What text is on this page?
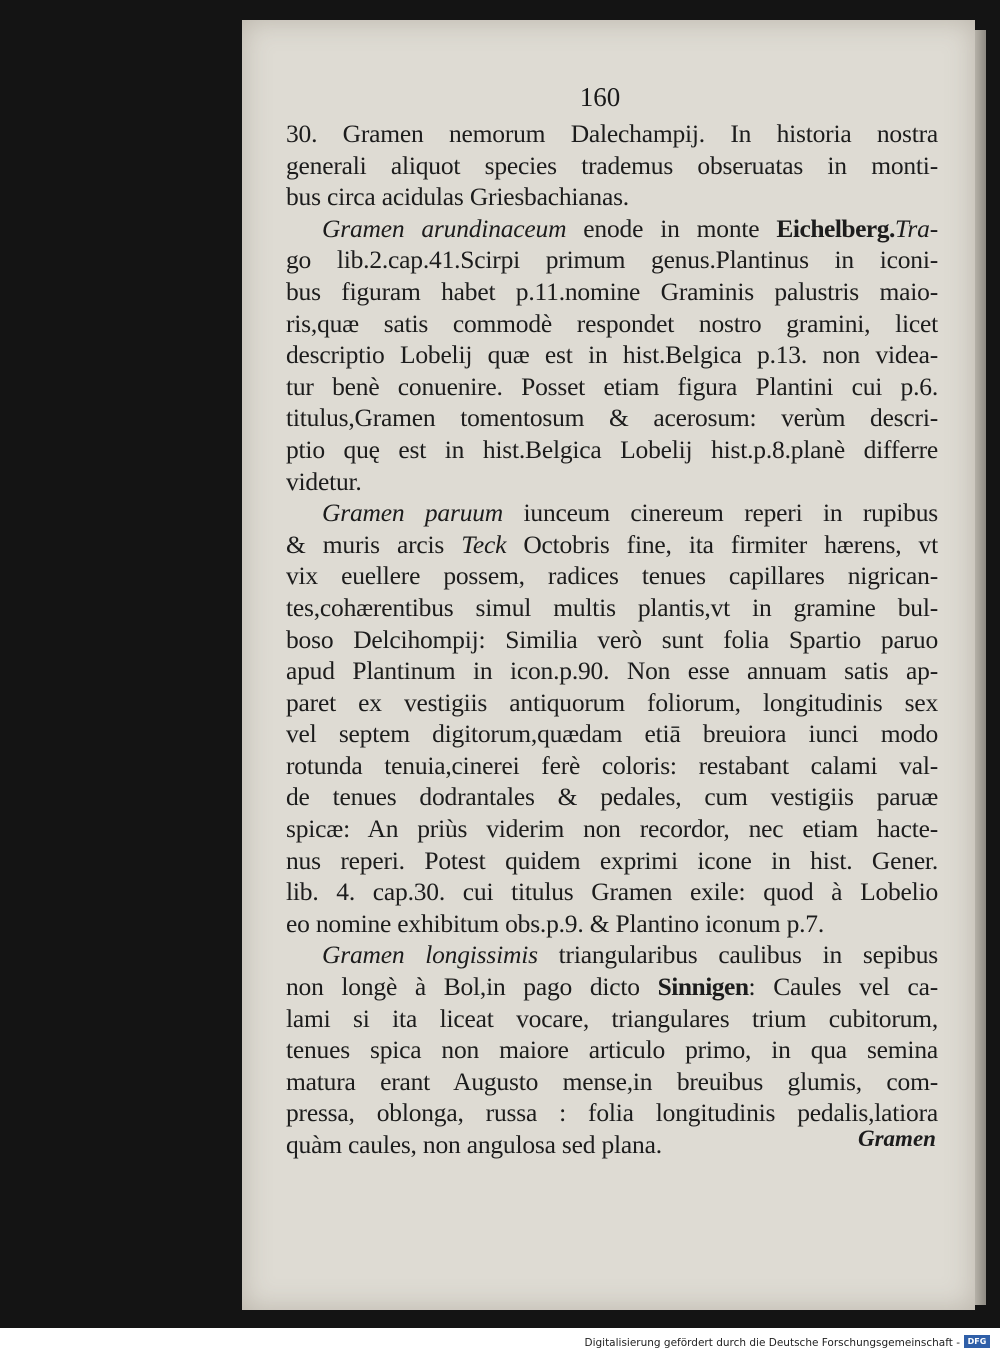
160
30. Gramen nemorum Dalechampij. In historia nostra
generali aliquot species trademus obseruatas in monti-
bus circa acidulas Griesbachianas.
Gramen arundinaceum enode in monte Eichelberg.Tra-
go lib.2.cap.41.Scirpi primum genus.Plantinus in iconi-
bus figuram habet p.11.nomine Graminis palustris maio-
ris,quæ satis commodè respondet nostro gramini, licet
descriptio Lobelij quæ est in hist.Belgica p.13. non videa-
tur benè conuenire. Posset etiam figura Plantini cui p.6.
titulus,Gramen tomentosum & acerosum: verùm descri-
ptio quę est in hist.Belgica Lobelij hist.p.8.planè differre
videtur.
Gramen paruum iunceum cinereum reperi in rupibus
& muris arcis Teck Octobris fine, ita firmiter hærens, vt
vix euellere possem, radices tenues capillares nigrican-
tes,cohærentibus simul multis plantis,vt in gramine bul-
boso Delcihompij: Similia verò sunt folia Spartio paruo
apud Plantinum in icon.p.90. Non esse annuam satis ap-
paret ex vestigiis antiquorum foliorum, longitudinis sex
vel septem digitorum,quædam etiā breuiora iunci modo
rotunda tenuia,cinerei ferè coloris: restabant calami val-
de tenues dodrantales & pedales, cum vestigiis paruæ
spicæ: An priùs viderim non recordor, nec etiam hacte-
nus reperi. Potest quidem exprimi icone in hist. Gener.
lib. 4. cap.30. cui titulus Gramen exile: quod à Lobelio
eo nomine exhibitum obs.p.9. & Plantino iconum p.7.
Gramen longissimis triangularibus caulibus in sepibus
non longè à Bol,in pago dicto Sinnigen: Caules vel ca-
lami si ita liceat vocare, triangulares trium cubitorum,
tenues spica non maiore articulo primo, in qua semina
matura erant Augusto mense,in breuibus glumis, com-
pressa, oblonga, russa : folia longitudinis pedalis,latiora
quàm caules, non angulosa sed plana.	Gramen
Digitalisierung gefördert durch die Deutsche Forschungsgemeinschaft - DFG
